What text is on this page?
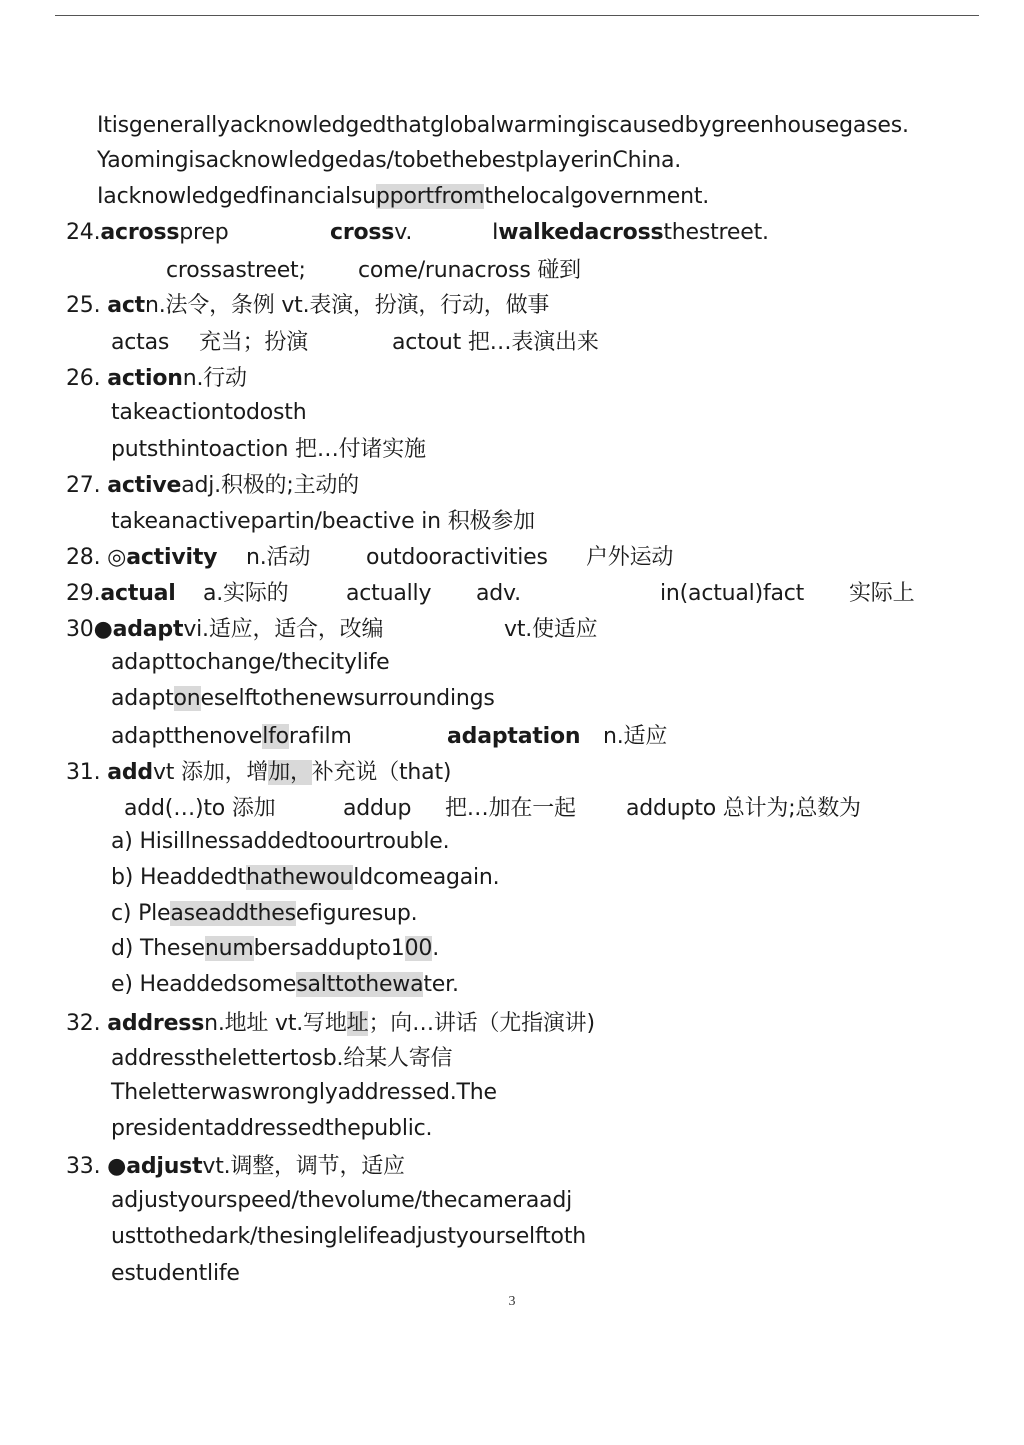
Itisgenerallyacknowledgedthatglobalwarmingiscausedbygreenhousegases.
Yaomingisacknowledgedas/tobethebestplayerinChina.
Iacknowledgedfinancialsupportfromthelocalgovernment.
24.acrossprep	crossv.	Iwalkedacrossthestreet.
crossastreet; come/runacross 碰到
25. actn.法令，条例 vt.表演，扮演，行动，做事
actas 充当；扮演	actout 把…表演出来
26. actionn.行动
takeactiontodosth
putsthintoaction 把…付诸实施
27. activeadj.积极的;主动的
takeanactivepartin/beactive in 积极参加
28. ◎activity n.活动	outdooractivities 户外运动
29.actual a.实际的	actually adv.	in(actual)fact 实际上
30●adaptvi.适应，适合，改编	vt.使适应
adapttochange/thecitylife
adaptoneselftothenewsurroundings
adaptthenovelforafilm	adaptation n.适应
31. addvt 添加，增加，补充说（that)
add(…)to 添加	addup 把…加在一起 addupto 总计为;总数为
a) Hisillnessaddedtoourtrouble.
b) Headdedthathewouldcomeagain.
c) Pleaseaddthesefiguresup.
d) Thesenumbersaddupto100.
e) Headdedsomesalttothewater.
32. addressn.地址 vt.写地址；向…讲话（尤指演讲)
addressthelettertosb.给某人寄信
Theletterwaswronglyaddressed.The
presidentaddressedthepublic.
33. ●adjustvt.调整，调节，适应
adjustyourspeed/thevolume/thecameraadj
usttothedark/thesinglelifeadjustyourselftoth
estudentlife
3
